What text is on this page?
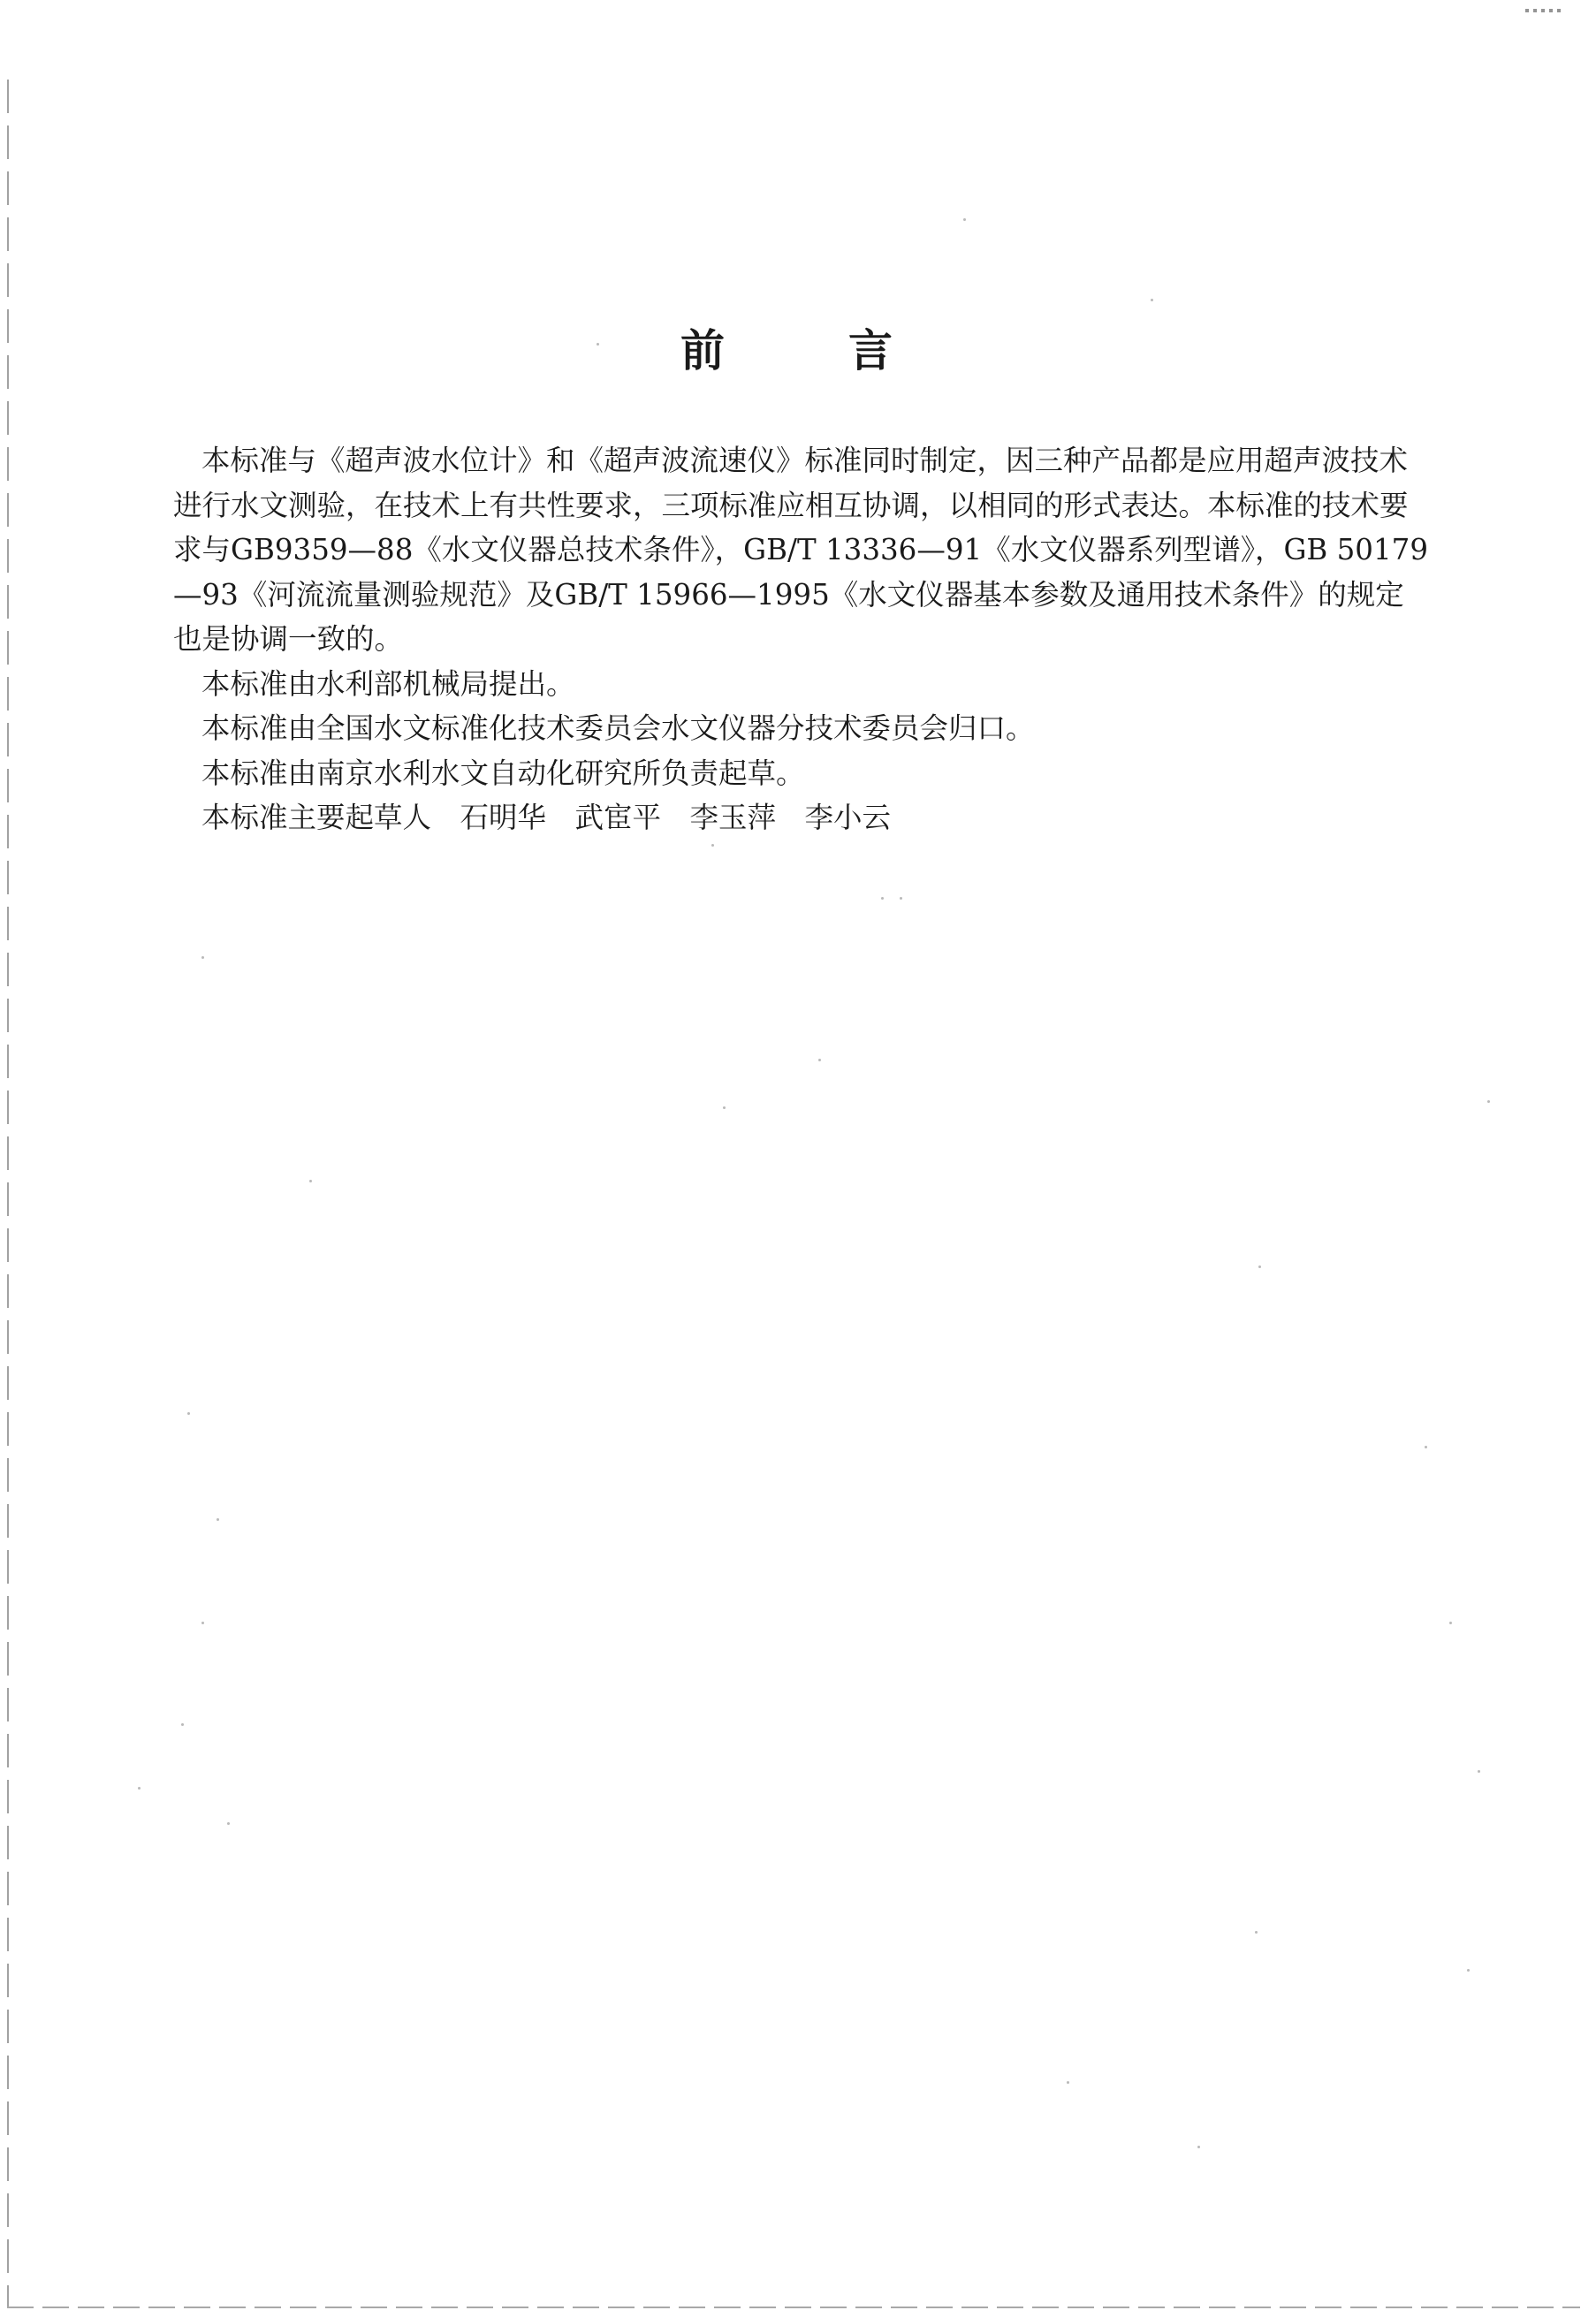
前	言

本标准与《超声波水位计》和《超声波流速仪》标准同时制定，因三种产品都是应用超声波技术进行水文测验，在技术上有共性要求，三项标准应相互协调，以相同的形式表达。本标准的技术要求与GB9359—88《水文仪器总技术条件》，GB/T 13336—91《水文仪器系列型谱》，GB 50179—93《河流流量测验规范》及GB/T 15966—1995《水文仪器基本参数及通用技术条件》的规定也是协调一致的。

本标准由水利部机械局提出。

本标准由全国水文标准化技术委员会水文仪器分技术委员会归口。

本标准由南京水利水文自动化研究所负责起草。

本标准主要起草人　石明华　武宦平　李玉萍　李小云
